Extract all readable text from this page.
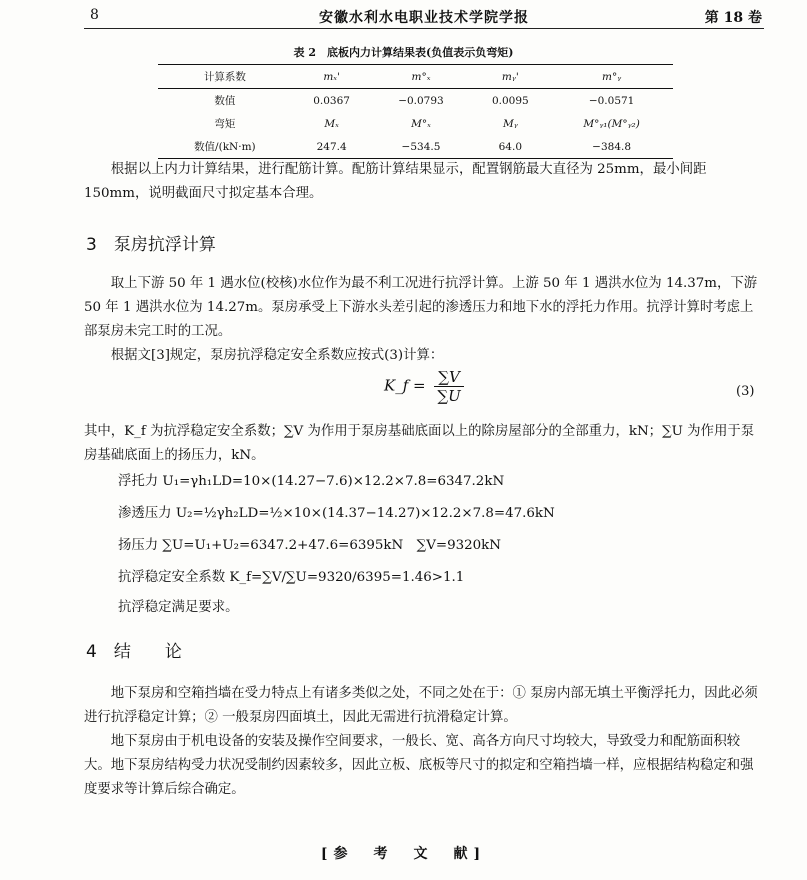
8	安徽水利水电职业技术学院学报	第 18 卷
表 2　底板内力计算结果表(负值表示负弯矩)
计算系数	mₓ'	m°ₓ	mᵧ'	m°ᵧ
数值	0.0367	−0.0793	0.0095	−0.0571
弯矩	Mₓ	M°ₓ	Mᵧ	M°ᵧ₁(M°ᵧ₂)
数值/(kN·m)	247.4	−534.5	64.0	−384.8
根据以上内力计算结果，进行配筋计算。配筋计算结果显示，配置钢筋最大直径为 25mm，最小间距 150mm，说明截面尺寸拟定基本合理。
3　泵房抗浮计算
取上下游 50 年 1 遇水位(校核)水位作为最不利工况进行抗浮计算。上游 50 年 1 遇洪水位为 14.37m，下游 50 年 1 遇洪水位为 14.27m。泵房承受上下游水头差引起的渗透压力和地下水的浮托力作用。抗浮计算时考虑上部泵房未完工时的工况。
根据文[3]规定，泵房抗浮稳定安全系数应按式(3)计算：
K_f = $\frac{\sum V}{\sum U}$	(3)
其中，K_f 为抗浮稳定安全系数；∑V 为作用于泵房基础底面以上的除房屋部分的全部重力，kN；∑U 为作用于泵房基础底面上的扬压力，kN。
浮托力 U₁=γh₁LD=10×(14.27−7.6)×12.2×7.8=6347.2kN
渗透压力 U₂=½γh₂LD=½×10×(14.37−14.27)×12.2×7.8=47.6kN
扬压力 ∑U=U₁+U₂=6347.2+47.6=6395kN　∑V=9320kN
抗浮稳定安全系数 K_f=∑V/∑U=9320/6395=1.46>1.1
抗浮稳定满足要求。
4　结　　论
地下泵房和空箱挡墙在受力特点上有诸多类似之处，不同之处在于：① 泵房内部无填土平衡浮托力，因此必须进行抗浮稳定计算；② 一般泵房四面填土，因此无需进行抗滑稳定计算。
地下泵房由于机电设备的安装及操作空间要求，一般长、宽、高各方向尺寸均较大，导致受力和配筋面积较大。地下泵房结构受力状况受制约因素较多，因此立板、底板等尺寸的拟定和空箱挡墙一样，应根据结构稳定和强度要求等计算后综合确定。
[参　考　文　献]
